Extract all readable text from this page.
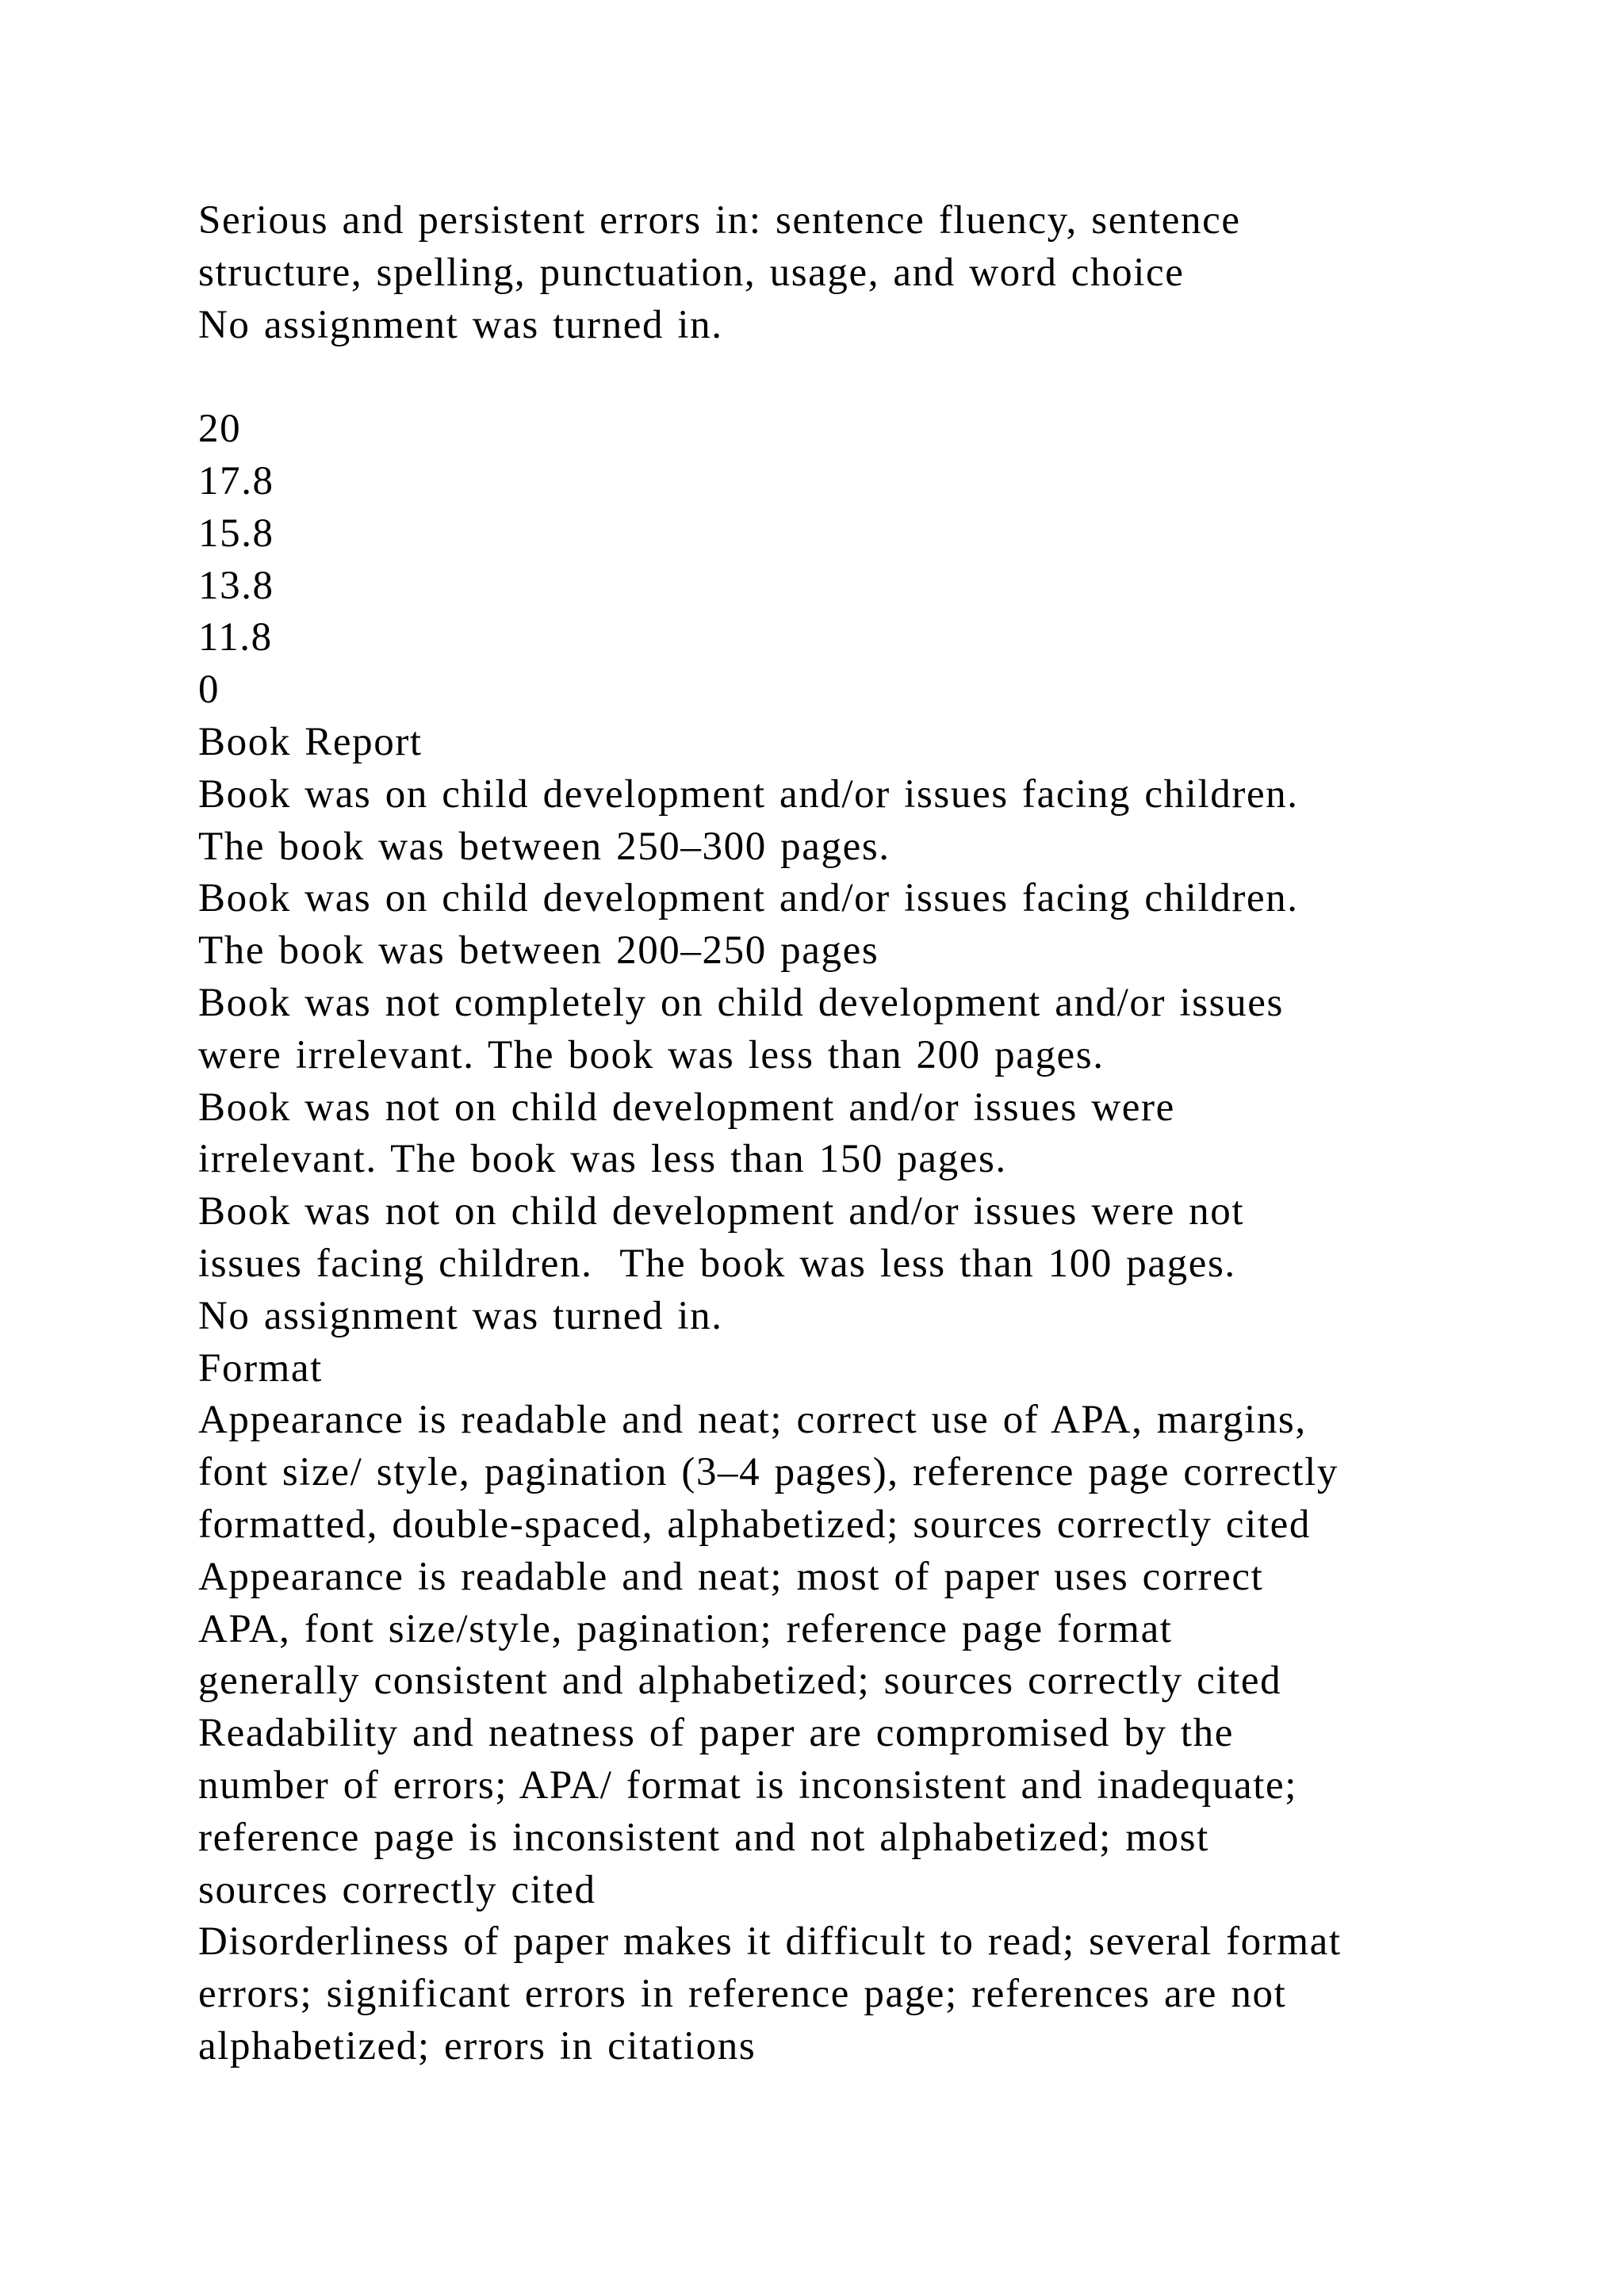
Serious and persistent errors in: sentence fluency, sentence
structure, spelling, punctuation, usage, and word choice
No assignment was turned in.
20
17.8
15.8
13.8
11.8
0
Book Report
Book was on child development and/or issues facing children.
The book was between 250–300 pages.
Book was on child development and/or issues facing children.
The book was between 200–250 pages
Book was not completely on child development and/or issues
were irrelevant. The book was less than 200 pages.
Book was not on child development and/or issues were
irrelevant. The book was less than 150 pages.
Book was not on child development and/or issues were not
issues facing children.  The book was less than 100 pages.
No assignment was turned in.
Format
Appearance is readable and neat; correct use of APA, margins,
font size/ style, pagination (3–4 pages), reference page correctly
formatted, double-spaced, alphabetized; sources correctly cited
Appearance is readable and neat; most of paper uses correct
APA, font size/style, pagination; reference page format
generally consistent and alphabetized; sources correctly cited
Readability and neatness of paper are compromised by the
number of errors; APA/ format is inconsistent and inadequate;
reference page is inconsistent and not alphabetized; most
sources correctly cited
Disorderliness of paper makes it difficult to read; several format
errors; significant errors in reference page; references are not
alphabetized; errors in citations
